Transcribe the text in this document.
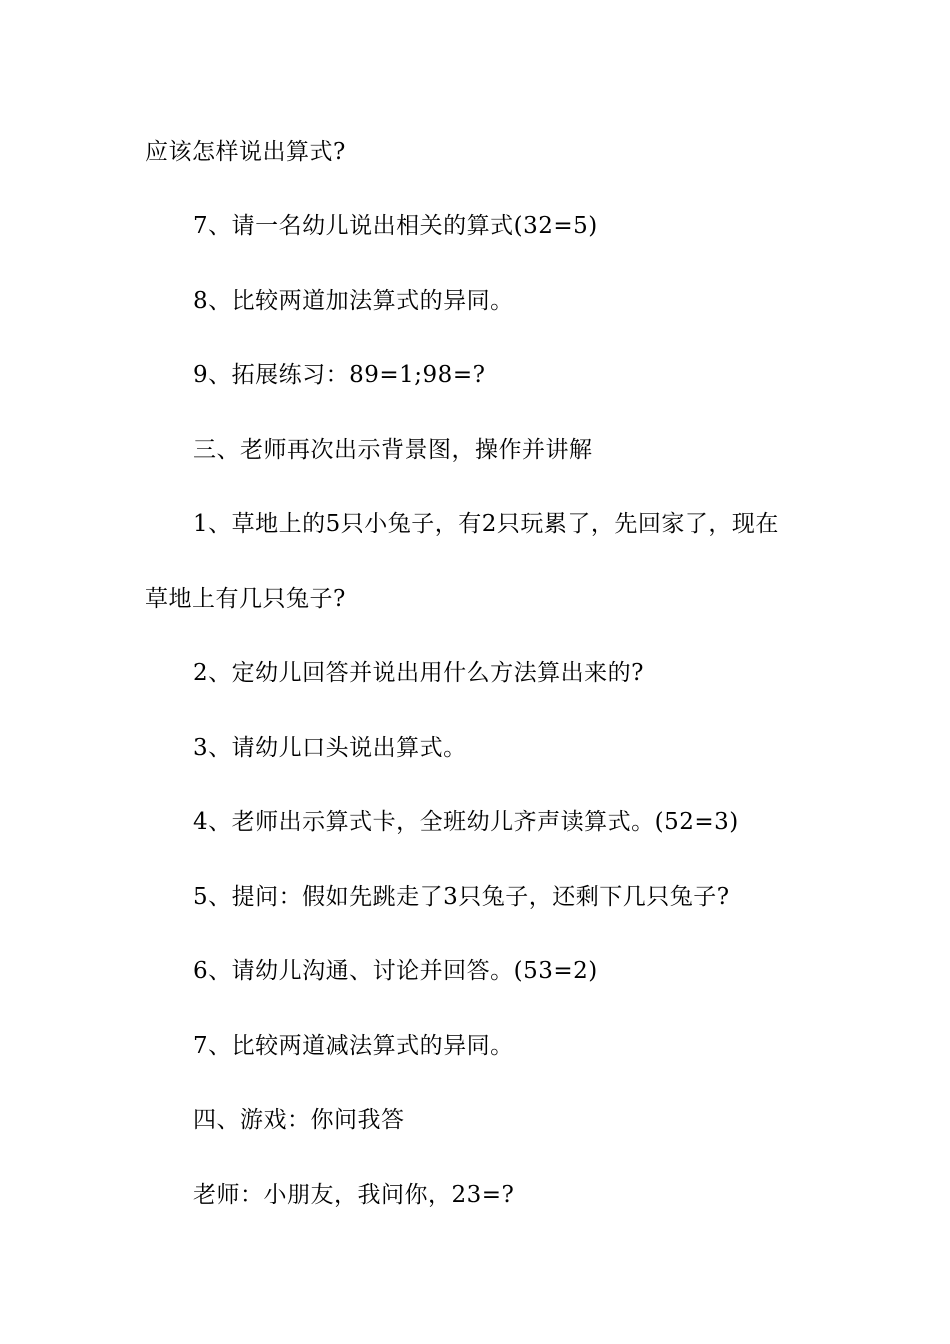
应该怎样说出算式?
7、请一名幼儿说出相关的算式(32=5)
8、比较两道加法算式的异同。
9、拓展练习：89=1;98=?
三、老师再次出示背景图，操作并讲解
1、草地上的5只小兔子，有2只玩累了，先回家了，现在
草地上有几只兔子?
2、定幼儿回答并说出用什么方法算出来的?
3、请幼儿口头说出算式。
4、老师出示算式卡，全班幼儿齐声读算式。(52=3)
5、提问：假如先跳走了3只兔子，还剩下几只兔子?
6、请幼儿沟通、讨论并回答。(53=2)
7、比较两道减法算式的异同。
四、游戏：你问我答
老师：小朋友，我问你，23=?
